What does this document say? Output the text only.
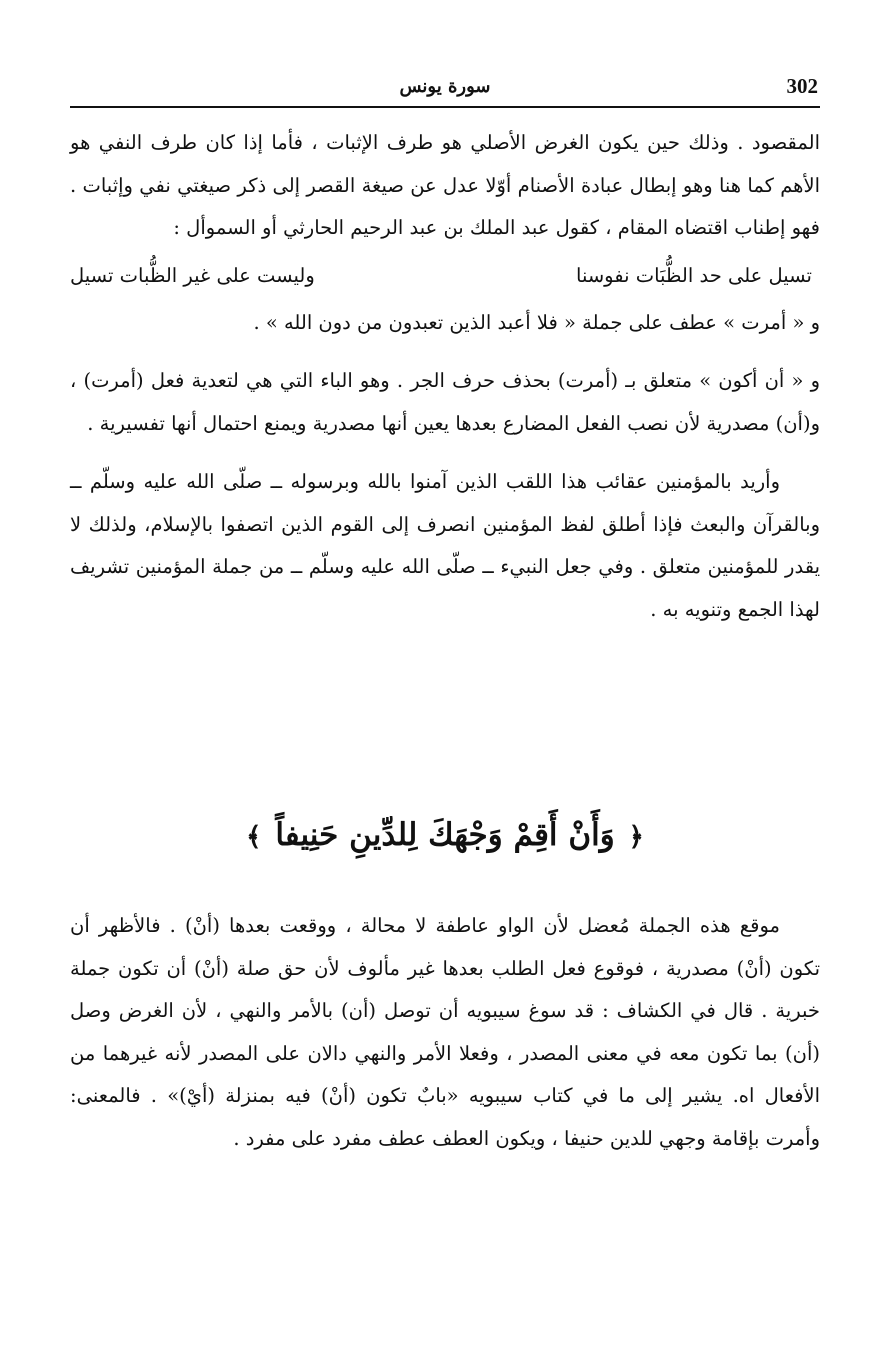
302
سورة يونس

المقصود . وذلك حين يكون الغرض الأصلي هو طرف الإثبات ، فأما إذا كان طرف النفي هو الأهم كما هنا وهو إبطال عبادة الأصنام أوّلا عدل عن صيغة القصر إلى ذكر صيغتي نفي وإثبات . فهو إطناب اقتضاه المقام ، كقول عبد الملك بن عبد الرحيم الحارثي أو السموأل :

تسيل على حد الظُّبَات نفوسنا
وليست على غير الظُّبات تسيل

و « أمرت » عطف على جملة « فلا أعبد الذين تعبدون من دون الله » .

و « أن أكون » متعلق بـ (أمرت) بحذف حرف الجر . وهو الباء التي هي لتعدية فعل (أمرت) ، و(أن) مصدرية لأن نصب الفعل المضارع بعدها يعين أنها مصدرية ويمنع احتمال أنها تفسيرية .

وأريد بالمؤمنين عقائب هذا اللقب الذين آمنوا بالله وبرسوله ــ صلّى الله عليه وسلّم ــ وبالقرآن والبعث فإذا أطلق لفظ المؤمنين انصرف إلى القوم الذين اتصفوا بالإسلام، ولذلك لا يقدر للمؤمنين متعلق . وفي جعل النبيء ــ صلّى الله عليه وسلّم ــ من جملة المؤمنين تشريف لهذا الجمع وتنويه به .

﴿وَأَنْ أَقِمْ وَجْهَكَ لِلدِّينِ حَنِيفاً﴾

موقع هذه الجملة مُعضل لأن الواو عاطفة لا محالة ، ووقعت بعدها (أنْ) . فالأظهر أن تكون (أنْ) مصدرية ، فوقوع فعل الطلب بعدها غير مألوف لأن حق صلة (أنْ) أن تكون جملة خبرية . قال في الكشاف : قد سوغ سيبويه أن توصل (أن) بالأمر والنهي ، لأن الغرض وصل (أن) بما تكون معه في معنى المصدر ، وفعلا الأمر والنهي دالان على المصدر لأنه غيرهما من الأفعال اه. يشير إلى ما في كتاب سيبويه «بابٌ تكون (أنْ) فيه بمنزلة (أيْ)» . فالمعنى: وأمرت بإقامة وجهي للدين حنيفا ، ويكون العطف عطف مفرد على مفرد .
